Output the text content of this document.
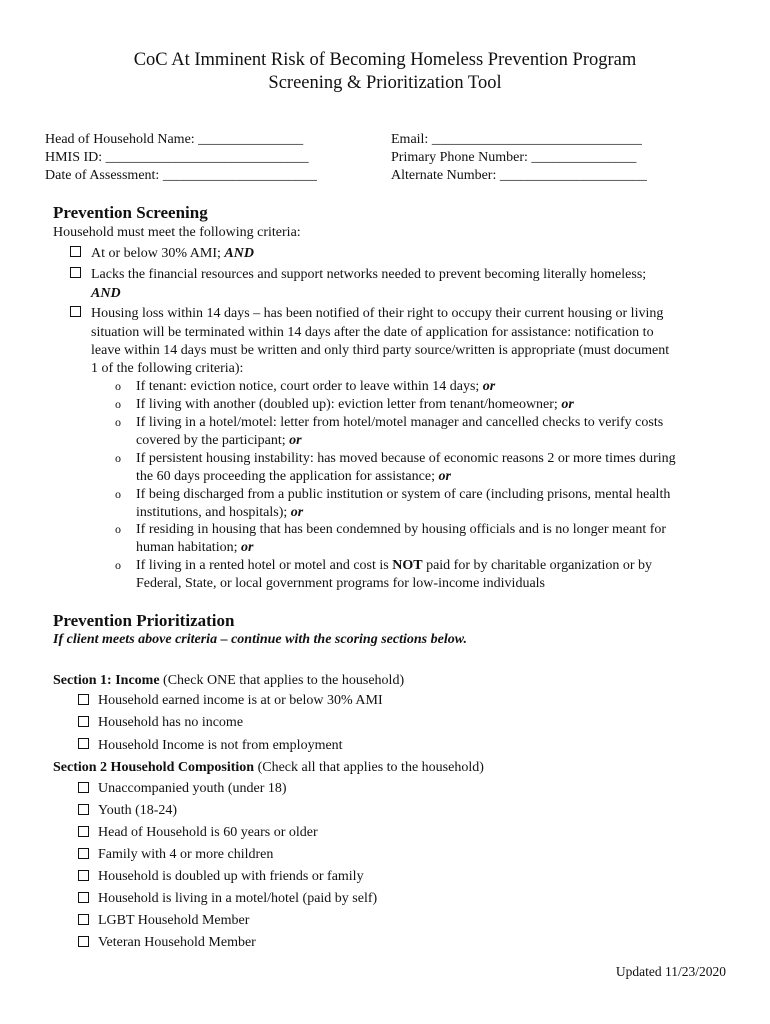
CoC At Imminent Risk of Becoming Homeless Prevention Program
Screening & Prioritization Tool
Head of Household Name: _______________
HMIS ID: _____________________________
Date of Assessment: ______________________
Email: ______________________________
Primary Phone Number: _______________
Alternate Number: _____________________
Prevention Screening
Household must meet the following criteria:
At or below 30% AMI; AND
Lacks the financial resources and support networks needed to prevent becoming literally homeless;
AND
Housing loss within 14 days – has been notified of their right to occupy their current housing or living
situation will be terminated within 14 days after the date of application for assistance: notification to
leave within 14 days must be written and only third party source/written is appropriate (must document
1 of the following criteria):
o If tenant: eviction notice, court order to leave within 14 days; or
o If living with another (doubled up): eviction letter from tenant/homeowner; or
o If living in a hotel/motel: letter from hotel/motel manager and cancelled checks to verify costs
covered by the participant; or
o If persistent housing instability: has moved because of economic reasons 2 or more times during
the 60 days proceeding the application for assistance; or
o If being discharged from a public institution or system of care (including prisons, mental health
institutions, and hospitals); or
o If residing in housing that has been condemned by housing officials and is no longer meant for
human habitation; or
o If living in a rented hotel or motel and cost is NOT paid for by charitable organization or by
Federal, State, or local government programs for low-income individuals
Prevention Prioritization
If client meets above criteria – continue with the scoring sections below.
Section 1: Income (Check ONE that applies to the household)
Household earned income is at or below 30% AMI
Household has no income
Household Income is not from employment
Section 2 Household Composition (Check all that applies to the household)
Unaccompanied youth (under 18)
Youth (18-24)
Head of Household is 60 years or older
Family with 4 or more children
Household is doubled up with friends or family
Household is living in a motel/hotel (paid by self)
LGBT Household Member
Veteran Household Member
Updated 11/23/2020
